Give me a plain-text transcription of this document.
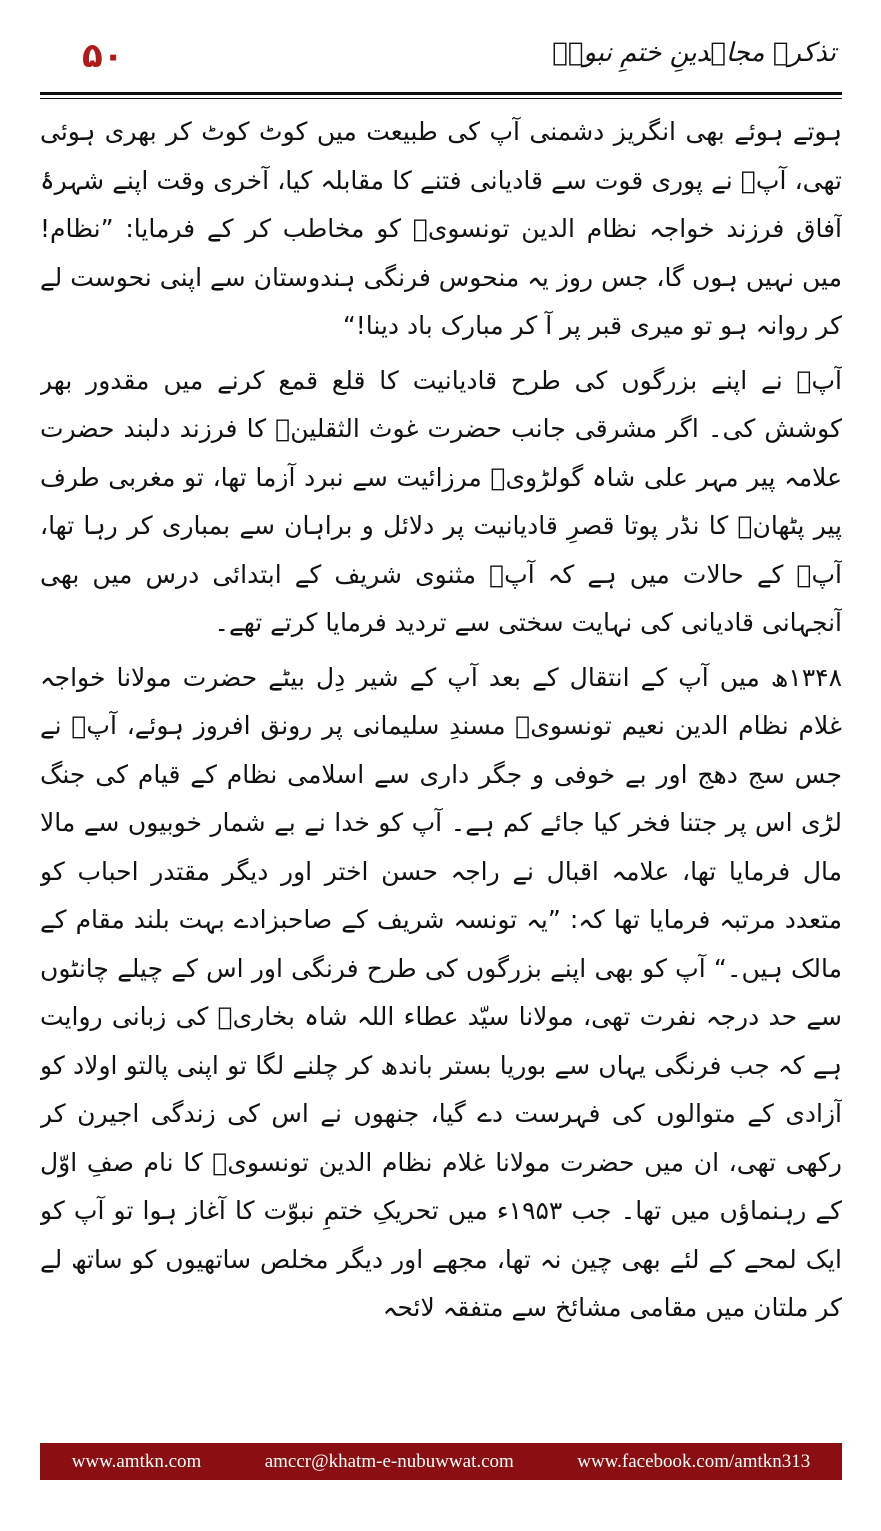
۵۰	تذکرہ مجاہدینِ ختمِ نبوتؐ

ہوتے ہوئے بھی انگریز دشمنی آپ کی طبیعت میں کوٹ کوٹ کر بھری ہوئی تھی، آپؒ نے پوری قوت سے قادیانی فتنے کا مقابلہ کیا، آخری وقت اپنے شہرۂ آفاق فرزند خواجہ نظام الدین تونسویؒ کو مخاطب کر کے فرمایا: ”نظام! میں نہیں ہوں گا، جس روز یہ منحوس فرنگی ہندوستان سے اپنی نحوست لے کر روانہ ہو تو میری قبر پر آ کر مبارک باد دینا!“

آپؒ نے اپنے بزرگوں کی طرح قادیانیت کا قلع قمع کرنے میں مقدور بھر کوشش کی۔ اگر مشرقی جانب حضرت غوث الثقلینؒ کا فرزند دلبند حضرت علامہ پیر مہر علی شاہ گولڑویؒ مرزائیت سے نبرد آزما تھا، تو مغربی طرف پیر پٹھانؒ کا نڈر پوتا قصرِ قادیانیت پر دلائل و براہان سے بمباری کر رہا تھا، آپؒ کے حالات میں ہے کہ آپؒ مثنوی شریف کے ابتدائی درس میں بھی آنجہانی قادیانی کی نہایت سختی سے تردید فرمایا کرتے تھے۔

۱۳۴۸ھ میں آپ کے انتقال کے بعد آپ کے شیر دِل بیٹے حضرت مولانا خواجہ غلام نظام الدین نعیم تونسویؒ مسندِ سلیمانی پر رونق افروز ہوئے، آپؒ نے جس سج دھج اور بے خوفی و جگر داری سے اسلامی نظام کے قیام کی جنگ لڑی اس پر جتنا فخر کیا جائے کم ہے۔ آپ کو خدا نے بے شمار خوبیوں سے مالا مال فرمایا تھا، علامہ اقبال نے راجہ حسن اختر اور دیگر مقتدر احباب کو متعدد مرتبہ فرمایا تھا کہ: ”یہ تونسہ شریف کے صاحبزادے بہت بلند مقام کے مالک ہیں۔“ آپ کو بھی اپنے بزرگوں کی طرح فرنگی اور اس کے چیلے چانٹوں سے حد درجہ نفرت تھی، مولانا سیّد عطاء اللہ شاہ بخاریؒ کی زبانی روایت ہے کہ جب فرنگی یہاں سے بوریا بستر باندھ کر چلنے لگا تو اپنی پالتو اولاد کو آزادی کے متوالوں کی فہرست دے گیا، جنھوں نے اس کی زندگی اجیرن کر رکھی تھی، ان میں حضرت مولانا غلام نظام الدین تونسویؒ کا نام صفِ اوّل کے رہنماؤں میں تھا۔ جب ۱۹۵۳ء میں تحریکِ ختمِ نبوّت کا آغاز ہوا تو آپ کو ایک لمحے کے لئے بھی چین نہ تھا، مجھے اور دیگر مخلص ساتھیوں کو ساتھ لے کر ملتان میں مقامی مشائخ سے متفقہ لائحہ

www.amtkn.com	amccr@khatm-e-nubuwwat.com	www.facebook.com/amtkn313
